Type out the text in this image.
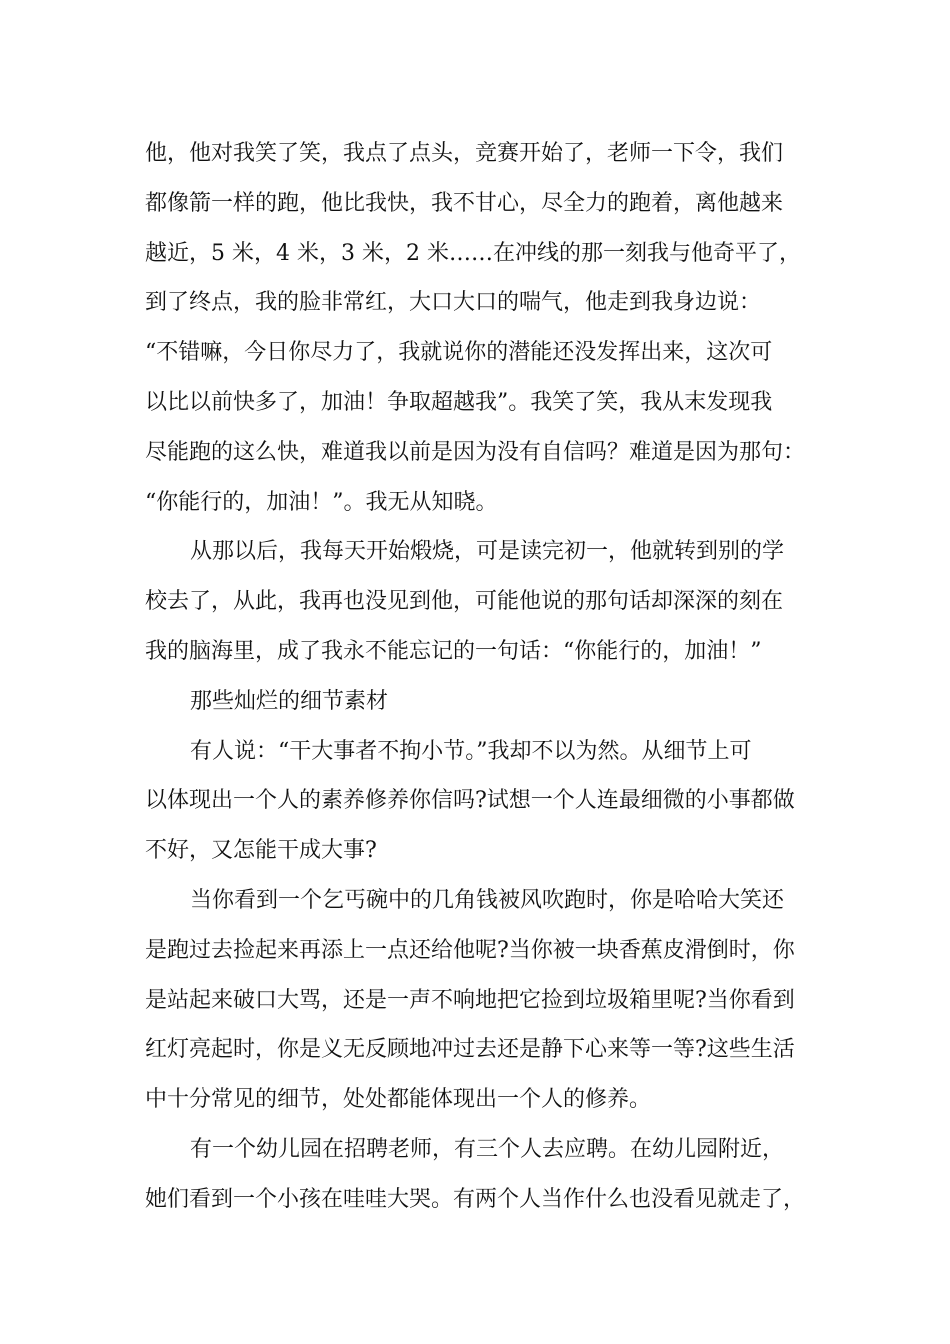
他，他对我笑了笑，我点了点头，竞赛开始了，老师一下令，我们
都像箭一样的跑，他比我快，我不甘心，尽全力的跑着，离他越来
越近，5 米，4 米，3 米，2 米……在冲线的那一刻我与他奇平了，
到了终点，我的脸非常红，大口大口的喘气，他走到我身边说：
“不错嘛，今日你尽力了，我就说你的潜能还没发挥出来，这次可
以比以前快多了，加油！争取超越我”。我笑了笑，我从末发现我
尽能跑的这么快，难道我以前是因为没有自信吗？难道是因为那句：
“你能行的，加油！”。我无从知晓。
从那以后，我每天开始煅烧，可是读完初一，他就转到别的学
校去了，从此，我再也没见到他，可能他说的那句话却深深的刻在
我的脑海里，成了我永不能忘记的一句话：“你能行的，加油！”
那些灿烂的细节素材
有人说：“干大事者不拘小节。”我却不以为然。从细节上可
以体现出一个人的素养修养你信吗?试想一个人连最细微的小事都做
不好，又怎能干成大事?
当你看到一个乞丐碗中的几角钱被风吹跑时，你是哈哈大笑还
是跑过去捡起来再添上一点还给他呢?当你被一块香蕉皮滑倒时，你
是站起来破口大骂，还是一声不响地把它捡到垃圾箱里呢?当你看到
红灯亮起时，你是义无反顾地冲过去还是静下心来等一等?这些生活
中十分常见的细节，处处都能体现出一个人的修养。
有一个幼儿园在招聘老师，有三个人去应聘。在幼儿园附近，
她们看到一个小孩在哇哇大哭。有两个人当作什么也没看见就走了，
